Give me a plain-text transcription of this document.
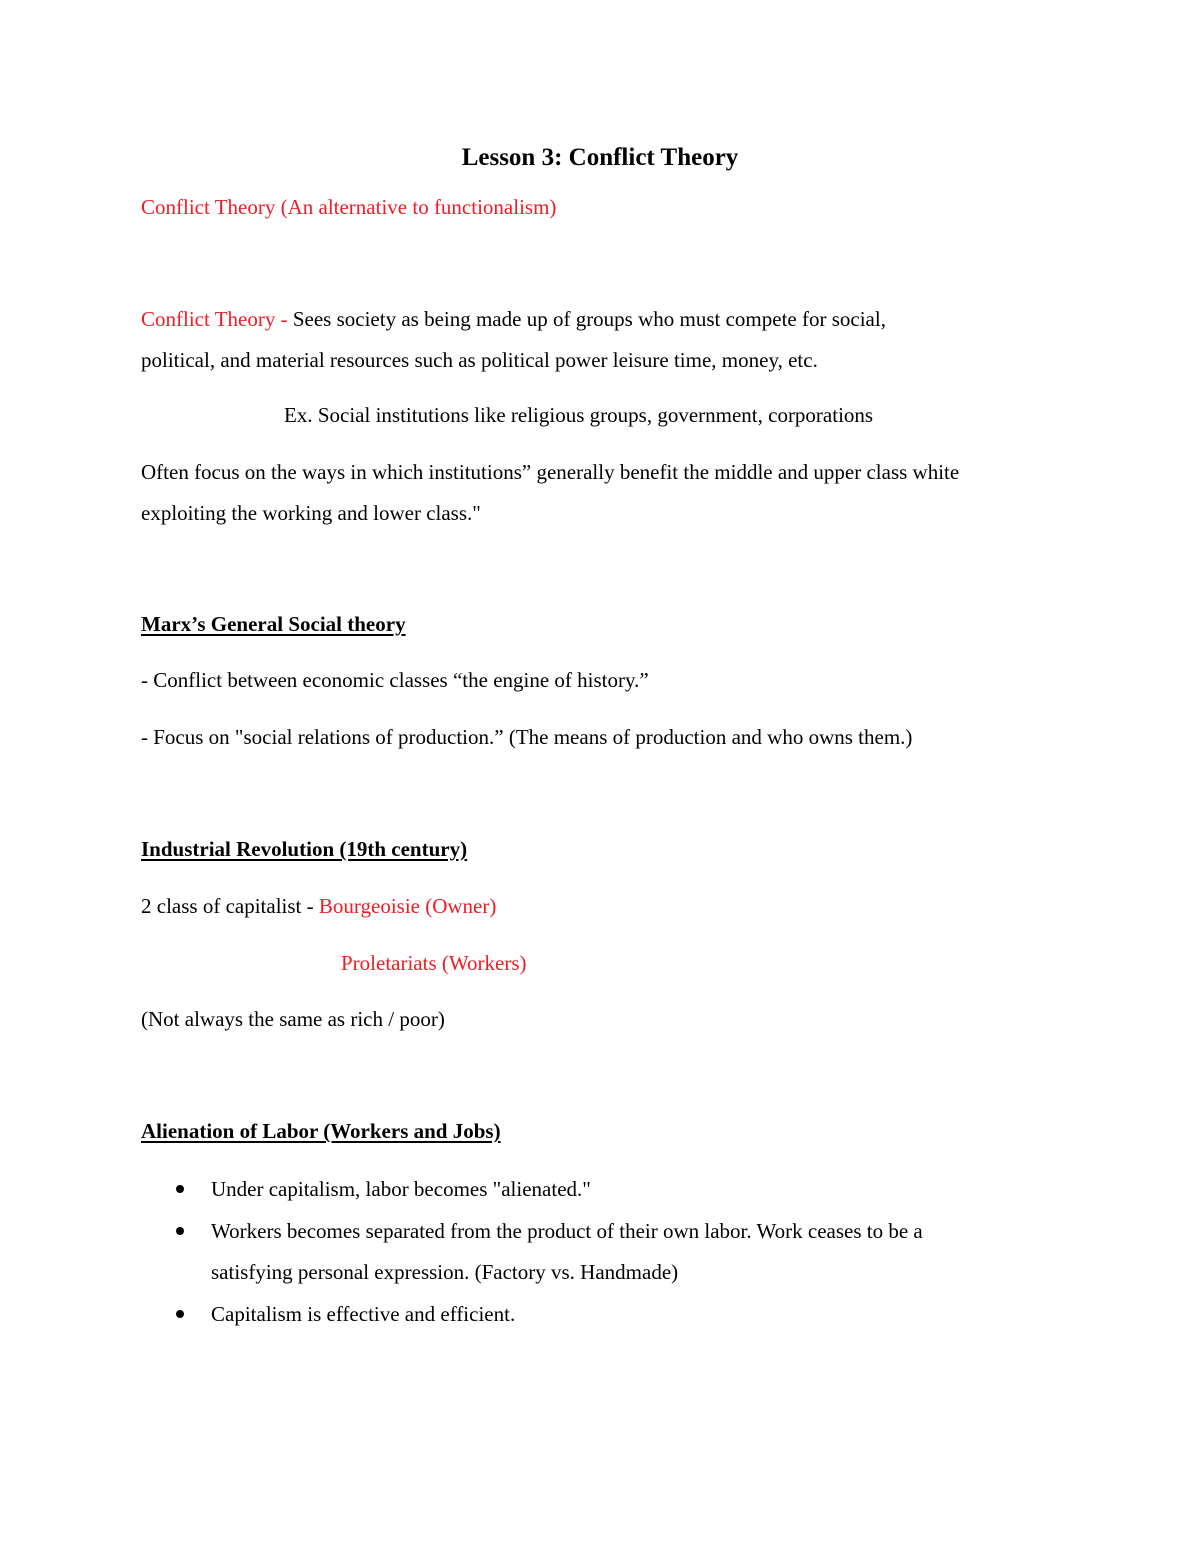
Lesson 3: Conflict Theory
Conflict Theory (An alternative to functionalism)
Conflict Theory - Sees society as being made up of groups who must compete for social,
political, and material resources such as political power leisure time, money, etc.
Ex. Social institutions like religious groups, government, corporations
Often focus on the ways in which institutions” generally benefit the middle and upper class white
exploiting the working and lower class."
Marx’s General Social theory
- Conflict between economic classes “the engine of history.”
- Focus on "social relations of production.” (The means of production and who owns them.)
Industrial Revolution (19th century)
2 class of capitalist - Bourgeoisie (Owner)
Proletariats (Workers)
(Not always the same as rich / poor)
Alienation of Labor (Workers and Jobs)
Under capitalism, labor becomes "alienated."
Workers becomes separated from the product of their own labor. Work ceases to be a
satisfying personal expression. (Factory vs. Handmade)
Capitalism is effective and efficient.
